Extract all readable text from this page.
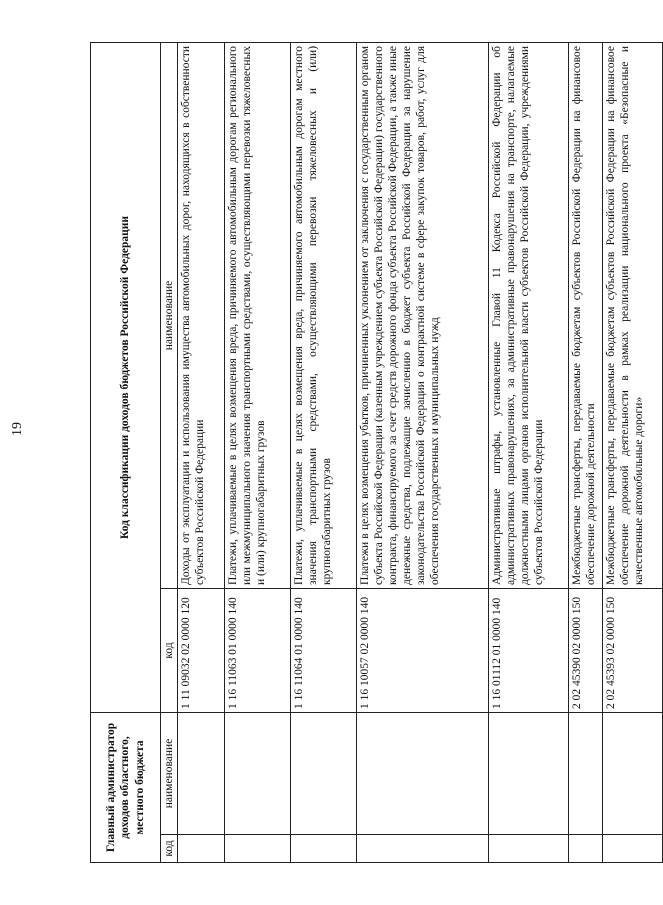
19
Главный администратор доходов областного, местного бюджета		Код классификации доходов бюджетов Российской Федерации	
код	наименование	код	наименование
		1 11 09032 02 0000 120	Доходы от эксплуатации и использования имущества автомобильных дорог, находящихся в собственности субъектов Российской Федерации
		1 16 11063 01 0000 140	Платежи, уплачиваемые в целях возмещения вреда, причиняемого автомобильным дорогам регионального или межмуниципального значения транспортными средствами, осуществляющими перевозки тяжеловесных и (или) крупногабаритных грузов
		1 16 11064 01 0000 140	Платежи, уплачиваемые в целях возмещения вреда, причиняемого автомобильным дорогам местного значения транспортными средствами, осуществляющими перевозки тяжеловесных и (или) крупногабаритных грузов
		1 16 10057 02 0000 140	Платежи в целях возмещения убытков, причиненных уклонением от заключения с государственным органом субъекта Российской Федерации (казенным учреждением субъекта Российской Федерации) государственного контракта, финансируемого за счет средств дорожного фонда субъекта Российской Федерации, а также иные денежные средства, подлежащие зачислению в бюджет субъекта Российской Федерации за нарушение законодательства Российской Федерации о контрактной системе в сфере закупок товаров, работ, услуг для обеспечения государственных и муниципальных нужд
		1 16 01112 01 0000 140	Административные штрафы, установленные Главой 11 Кодекса Российской Федерации об административных правонарушениях, за административные правонарушения на транспорте, налагаемые должностными лицами органов исполнительной власти субъектов Российской Федерации, учреждениями субъектов Российской Федерации
		2 02 45390 02 0000 150	Межбюджетные трансферты, передаваемые бюджетам субъектов Российской Федерации на финансовое обеспечение дорожной деятельности
		2 02 45393 02 0000 150	Межбюджетные трансферты, передаваемые бюджетам субъектов Российской Федерации на финансовое обеспечение дорожной деятельности в рамках реализации национального проекта «Безопасные и качественные автомобильные дороги»
